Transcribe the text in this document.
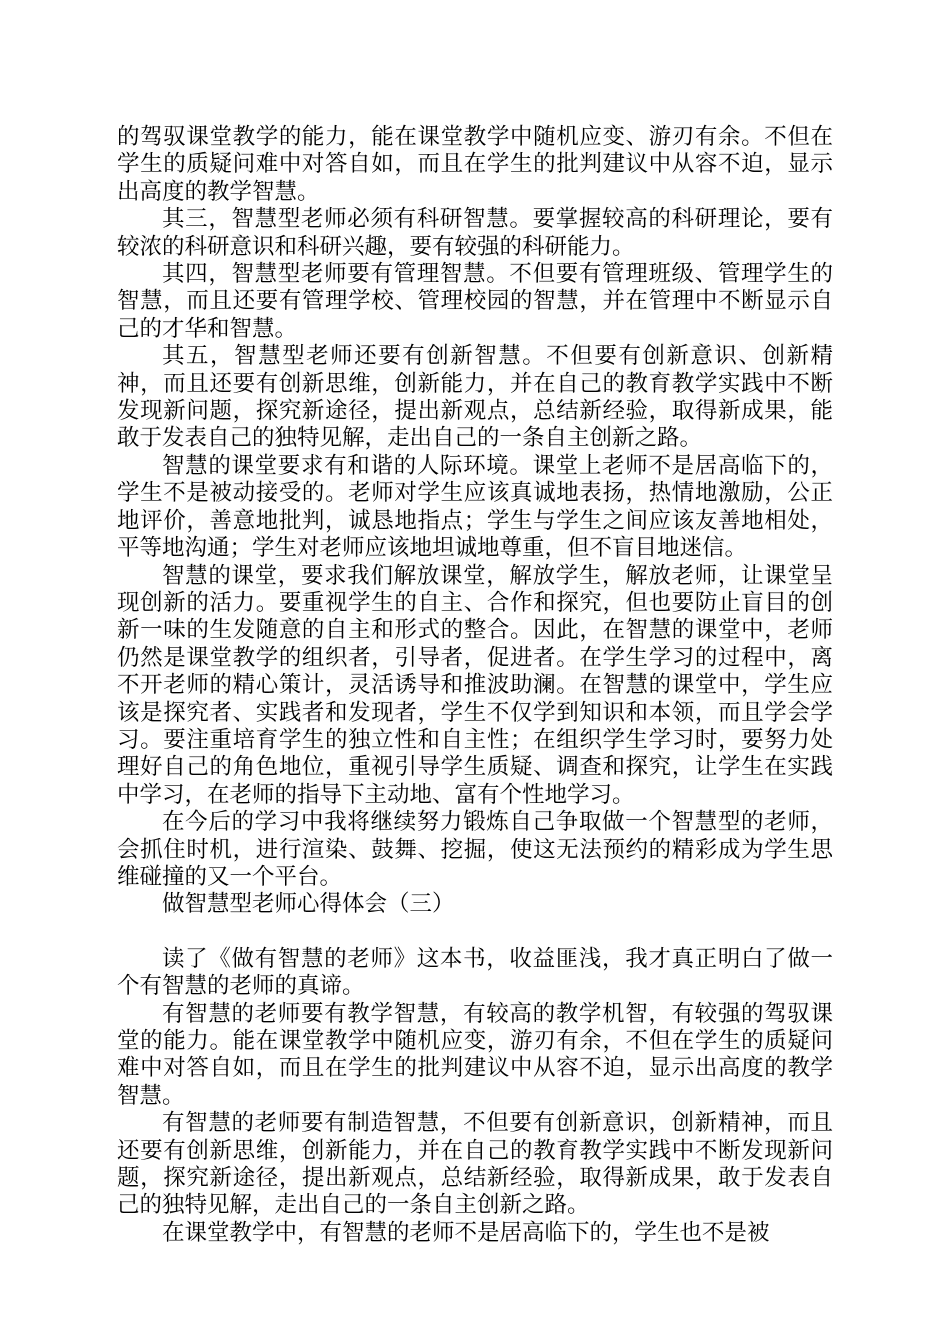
的驾驭课堂教学的能力，能在课堂教学中随机应变、游刃有余。不但在学生的质疑问难中对答自如，而且在学生的批判建议中从容不迫，显示出高度的教学智慧。

其三，智慧型老师必须有科研智慧。要掌握较高的科研理论，要有较浓的科研意识和科研兴趣，要有较强的科研能力。

其四，智慧型老师要有管理智慧。不但要有管理班级、管理学生的智慧，而且还要有管理学校、管理校园的智慧，并在管理中不断显示自己的才华和智慧。

其五，智慧型老师还要有创新智慧。不但要有创新意识、创新精神，而且还要有创新思维，创新能力，并在自己的教育教学实践中不断发现新问题，探究新途径，提出新观点，总结新经验，取得新成果，能敢于发表自己的独特见解，走出自己的一条自主创新之路。

智慧的课堂要求有和谐的人际环境。课堂上老师不是居高临下的，学生不是被动接受的。老师对学生应该真诚地表扬，热情地激励，公正地评价，善意地批判，诚恳地指点；学生与学生之间应该友善地相处，平等地沟通；学生对老师应该地坦诚地尊重，但不盲目地迷信。

智慧的课堂，要求我们解放课堂，解放学生，解放老师，让课堂呈现创新的活力。要重视学生的自主、合作和探究，但也要防止盲目的创新一味的生发随意的自主和形式的整合。因此，在智慧的课堂中，老师仍然是课堂教学的组织者，引导者，促进者。在学生学习的过程中，离不开老师的精心策计，灵活诱导和推波助澜。在智慧的课堂中，学生应该是探究者、实践者和发现者，学生不仅学到知识和本领，而且学会学习。要注重培育学生的独立性和自主性；在组织学生学习时，要努力处理好自己的角色地位，重视引导学生质疑、调查和探究，让学生在实践中学习，在老师的指导下主动地、富有个性地学习。

在今后的学习中我将继续努力锻炼自己争取做一个智慧型的老师，会抓住时机，进行渲染、鼓舞、挖掘，使这无法预约的精彩成为学生思维碰撞的又一个平台。

做智慧型老师心得体会（三）

读了《做有智慧的老师》这本书，收益匪浅，我才真正明白了做一个有智慧的老师的真谛。

有智慧的老师要有教学智慧，有较高的教学机智，有较强的驾驭课堂的能力。能在课堂教学中随机应变，游刃有余，不但在学生的质疑问难中对答自如，而且在学生的批判建议中从容不迫，显示出高度的教学智慧。

有智慧的老师要有制造智慧，不但要有创新意识，创新精神，而且还要有创新思维，创新能力，并在自己的教育教学实践中不断发现新问题，探究新途径，提出新观点，总结新经验，取得新成果，敢于发表自己的独特见解，走出自己的一条自主创新之路。

在课堂教学中，有智慧的老师不是居高临下的，学生也不是被
